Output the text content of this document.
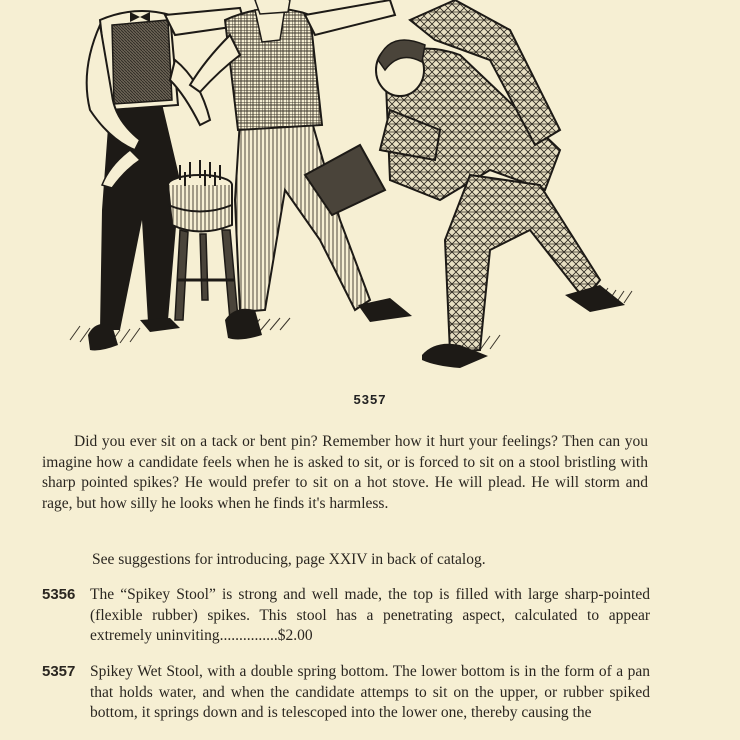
5357

Did you ever sit on a tack or bent pin? Remember how it hurt your feelings? Then can you imagine how a candidate feels when he is asked to sit, or is forced to sit on a stool bristling with sharp pointed spikes? He would prefer to sit on a hot stove. He will plead. He will storm and rage, but how silly he looks when he finds it's harmless.

See suggestions for introducing, page XXIV in back of catalog.

5356 The “Spikey Stool” is strong and well made, the top is filled with large sharp-pointed (flexible rubber) spikes. This stool has a penetrating aspect, calculated to appear extremely uninviting...............$2.00

5357 Spikey Wet Stool, with a double spring bottom. The lower bottom is in the form of a pan that holds water, and when the candidate attemps to sit on the upper, or rubber spiked bottom, it springs down and is telescoped into the lower one, thereby causing the
